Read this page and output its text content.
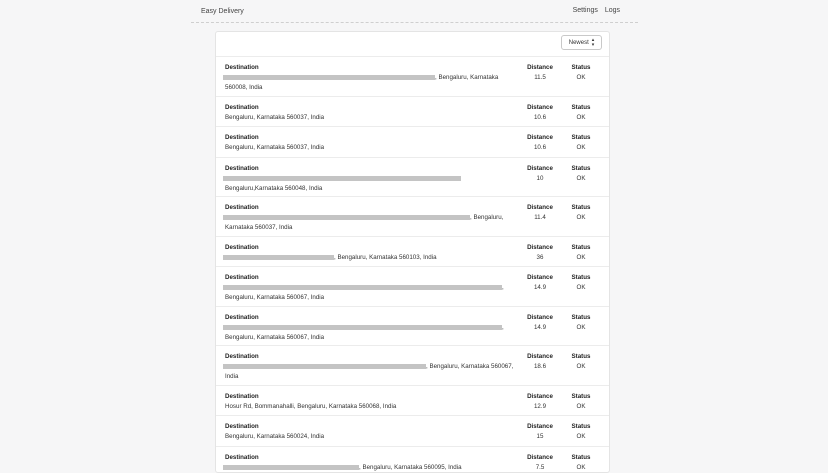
Easy Delivery	Settings Logs
Newest ▴
▾
Destination
, Bengaluru, Karnataka
560008, India
Distance
11.5
Status
OK
Destination
Bengaluru, Karnataka 560037, India
Distance
10.6
Status
OK
Destination
Bengaluru, Karnataka 560037, India
Distance
10.6
Status
OK
Destination
Bengaluru,Karnataka 560048, India
Distance
10
Status
OK
Destination
, Bengaluru,
Karnataka 560037, India
Distance
11.4
Status
OK
Destination
, Bengaluru, Karnataka 560103, India
Distance
36
Status
OK
Destination
,
Bengaluru, Karnataka 560067, India
Distance
14.9
Status
OK
Destination
,
Bengaluru, Karnataka 560067, India
Distance
14.9
Status
OK
Destination
, Bengaluru, Karnataka 560067,
India
Distance
18.6
Status
OK
Destination
Hosur Rd, Bommanahalli, Bengaluru, Karnataka 560068, India
Distance
12.9
Status
OK
Destination
Bengaluru, Karnataka 560024, India
Distance
15
Status
OK
Destination
, Bengaluru, Karnataka 560095, India
Distance
7.5
Status
OK
